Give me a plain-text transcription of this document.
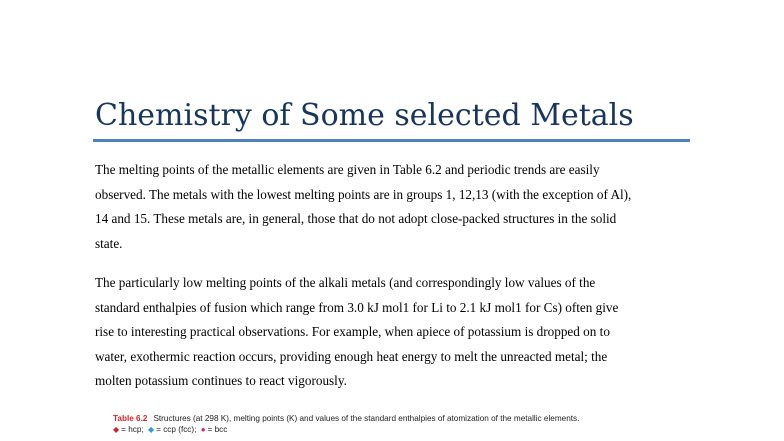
Chemistry of Some selected Metals

The melting points of the metallic elements are given in Table 6.2 and periodic trends are easily
observed. The metals with the lowest melting points are in groups 1, 12,13 (with the exception of Al),
14 and 15. These metals are, in general, those that do not adopt close-packed structures in the solid
state.

The particularly low melting points of the alkali metals (and correspondingly low values of the
standard enthalpies of fusion which range from 3.0 kJ mol1 for Li to 2.1 kJ mol1 for Cs) often give
rise to interesting practical observations. For example, when apiece of potassium is dropped on to
water, exothermic reaction occurs, providing enough heat energy to melt the unreacted metal; the
molten potassium continues to react vigorously.

Table 6.2 Structures (at 298 K), melting points (K) and values of the standard enthalpies of atomization of the metallic elements.
◆ = hcp; ◆ = ccp (fcc); ● = bcc
